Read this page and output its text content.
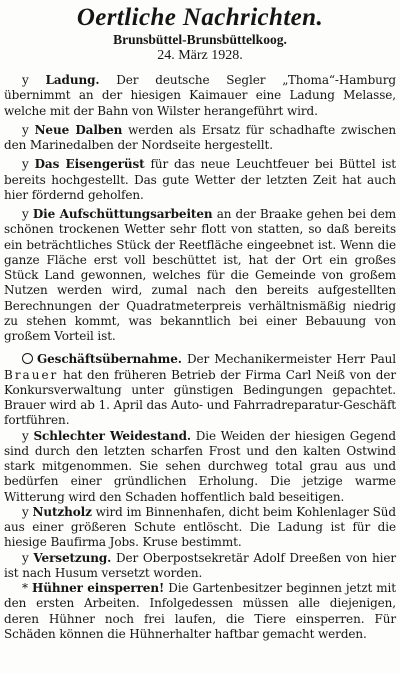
Oertliche Nachrichten.
Brunsbüttel-Brunsbüttelkoog.
24. März 1928.

y Ladung. Der deutsche Segler „Thoma“-Hamburg übernimmt an der hiesigen Kaimauer eine Ladung Melasse, welche mit der Bahn von Wilster herangeführt wird.

y Neue Dalben werden als Ersatz für schadhafte zwischen den Marinedalben der Nordseite hergestellt.

y Das Eisengerüst für das neue Leuchtfeuer bei Büttel ist bereits hochgestellt. Das gute Wetter der letzten Zeit hat auch hier fördernd geholfen.

y Die Aufschüttungsarbeiten an der Braake gehen bei dem schönen trockenen Wetter sehr flott von statten, so daß bereits ein beträchtliches Stück der Reetfläche eingeebnet ist. Wenn die ganze Fläche erst voll beschüttet ist, hat der Ort ein großes Stück Land gewonnen, welches für die Gemeinde von großem Nutzen werden wird, zumal nach den bereits aufgestellten Berechnungen der Quadratmeterpreis verhältnismäßig niedrig zu stehen kommt, was bekanntlich bei einer Bebauung von großem Vorteil ist.

Geschäftsübernahme. Der Mechanikermeister Herr Paul Brauer hat den früheren Betrieb der Firma Carl Neiß von der Konkursverwaltung unter günstigen Bedingungen gepachtet. Brauer wird ab 1. April das Auto- und Fahrradreparatur-Geschäft fortführen.

y Schlechter Weidestand. Die Weiden der hiesigen Gegend sind durch den letzten scharfen Frost und den kalten Ostwind stark mitgenommen. Sie sehen durchweg total grau aus und bedürfen einer gründlichen Erholung. Die jetzige warme Witterung wird den Schaden hoffentlich bald beseitigen.

y Nutzholz wird im Binnenhafen, dicht beim Kohlenlager Süd aus einer größeren Schute entlöscht. Die Ladung ist für die hiesige Baufirma Jobs. Kruse bestimmt.

y Versetzung. Der Oberpostsekretär Adolf Dreeßen von hier ist nach Husum versetzt worden.

* Hühner einsperren! Die Gartenbesitzer beginnen jetzt mit den ersten Arbeiten. Infolgedessen müssen alle diejenigen, deren Hühner noch frei laufen, die Tiere einsperren. Für Schäden können die Hühnerhalter haftbar gemacht werden.
